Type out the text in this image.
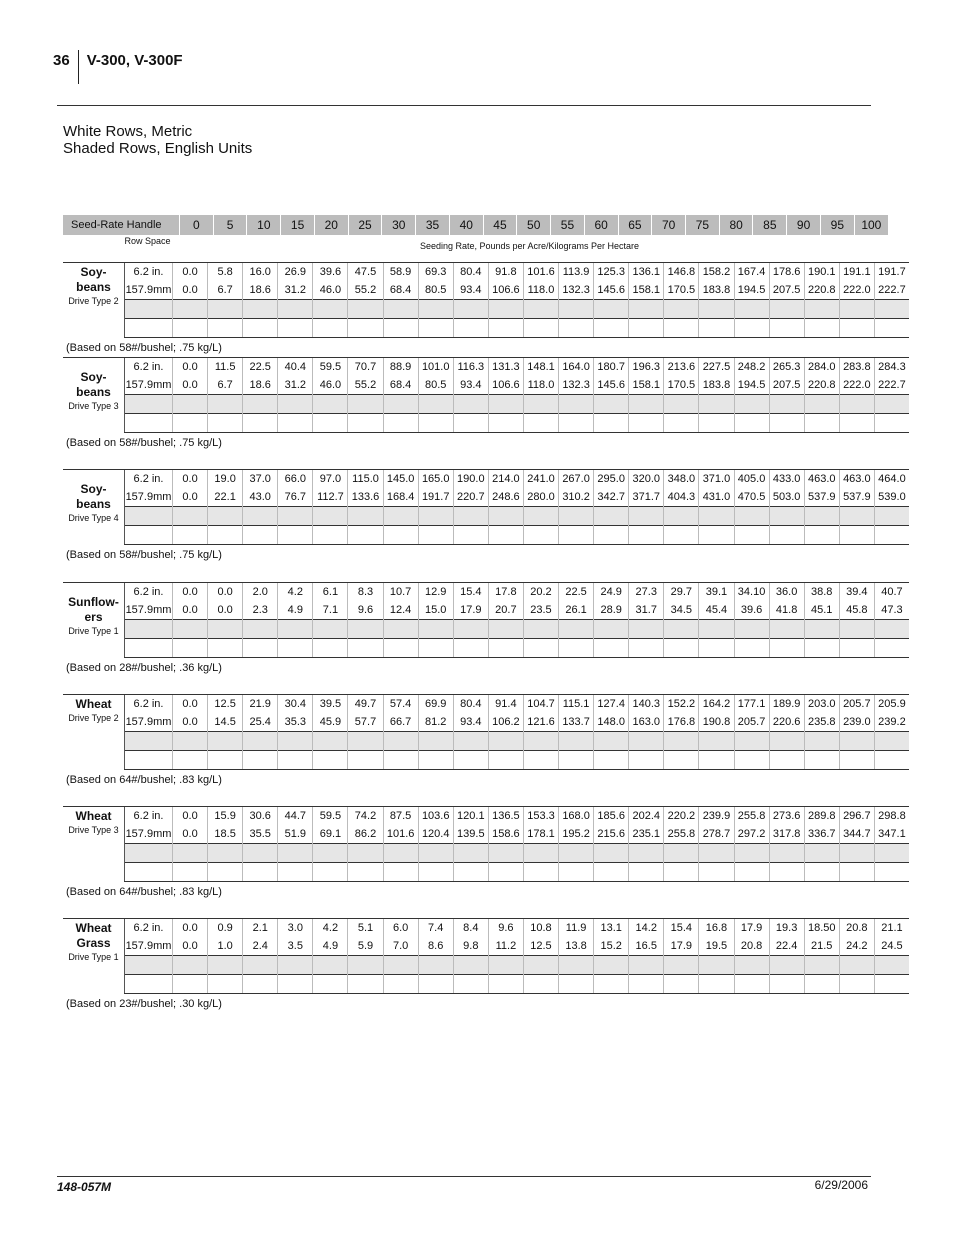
36	V-300, V-300F
White Rows, Metric
Shaded Rows, English Units
Seed-Rate Handle	0	5	10	15	20	25	30	35	40	45	50	55	60	65	70	75	80	85	90	95	100
	Row Space	Seeding Rate, Pounds per Acre/Kilograms Per Hectare
Soy-
beans
Drive Type 2	6.2 in.	0.0	5.8	16.0	26.9	39.6	47.5	58.9	69.3	80.4	91.8	101.6	113.9	125.3	136.1	146.8	158.2	167.4	178.6	190.1	191.1	191.7
	157.9mm	0.0	6.7	18.6	31.2	46.0	55.2	68.4	80.5	93.4	106.6	118.0	132.3	145.6	158.1	170.5	183.8	194.5	207.5	220.8	222.0	222.7

(Based on 58#/bushel; .75 kg/L)
Soy-
beans
Drive Type 3	6.2 in.	0.0	11.5	22.5	40.4	59.5	70.7	88.9	101.0	116.3	131.3	148.1	164.0	180.7	196.3	213.6	227.5	248.2	265.3	284.0	283.8	284.3
	157.9mm	0.0	6.7	18.6	31.2	46.0	55.2	68.4	80.5	93.4	106.6	118.0	132.3	145.6	158.1	170.5	183.8	194.5	207.5	220.8	222.0	222.7

(Based on 58#/bushel; .75 kg/L)
Soy-
beans
Drive Type 4	6.2 in.	0.0	19.0	37.0	66.0	97.0	115.0	145.0	165.0	190.0	214.0	241.0	267.0	295.0	320.0	348.0	371.0	405.0	433.0	463.0	463.0	464.0
	157.9mm	0.0	22.1	43.0	76.7	112.7	133.6	168.4	191.7	220.7	248.6	280.0	310.2	342.7	371.7	404.3	431.0	470.5	503.0	537.9	537.9	539.0

(Based on 58#/bushel; .75 kg/L)
Sunflow-
ers
Drive Type 1	6.2 in.	0.0	0.0	2.0	4.2	6.1	8.3	10.7	12.9	15.4	17.8	20.2	22.5	24.9	27.3	29.7	39.1	34.10	36.0	38.8	39.4	40.7
	157.9mm	0.0	0.0	2.3	4.9	7.1	9.6	12.4	15.0	17.9	20.7	23.5	26.1	28.9	31.7	34.5	45.4	39.6	41.8	45.1	45.8	47.3

(Based on 28#/bushel; .36 kg/L)
Wheat
Drive Type 2	6.2 in.	0.0	12.5	21.9	30.4	39.5	49.7	57.4	69.9	80.4	91.4	104.7	115.1	127.4	140.3	152.2	164.2	177.1	189.9	203.0	205.7	205.9
	157.9mm	0.0	14.5	25.4	35.3	45.9	57.7	66.7	81.2	93.4	106.2	121.6	133.7	148.0	163.0	176.8	190.8	205.7	220.6	235.8	239.0	239.2

(Based on 64#/bushel; .83 kg/L)
Wheat
Drive Type 3	6.2 in.	0.0	15.9	30.6	44.7	59.5	74.2	87.5	103.6	120.1	136.5	153.3	168.0	185.6	202.4	220.2	239.9	255.8	273.6	289.8	296.7	298.8
	157.9mm	0.0	18.5	35.5	51.9	69.1	86.2	101.6	120.4	139.5	158.6	178.1	195.2	215.6	235.1	255.8	278.7	297.2	317.8	336.7	344.7	347.1

(Based on 64#/bushel; .83 kg/L)
Wheat
Grass
Drive Type 1	6.2 in.	0.0	0.9	2.1	3.0	4.2	5.1	6.0	7.4	8.4	9.6	10.8	11.9	13.1	14.2	15.4	16.8	17.9	19.3	18.50	20.8	21.1
	157.9mm	0.0	1.0	2.4	3.5	4.9	5.9	7.0	8.6	9.8	11.2	12.5	13.8	15.2	16.5	17.9	19.5	20.8	22.4	21.5	24.2	24.5

(Based on 23#/bushel; .30 kg/L)
148-057M	6/29/2006
